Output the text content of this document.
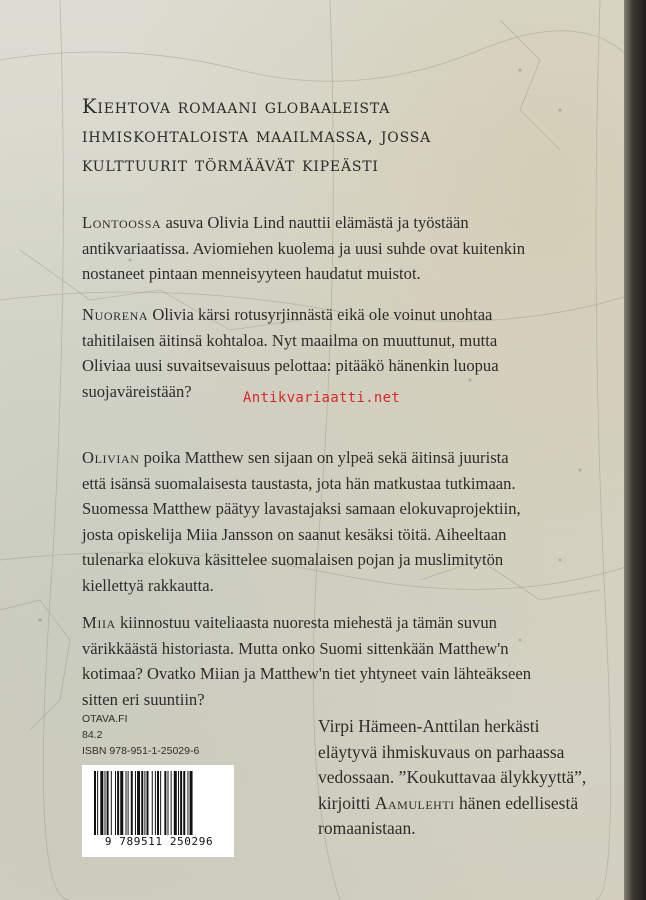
Kiehtova romaani globaaleista
ihmiskohtaloista maailmassa, jossa
kulttuurit törmäävät kipeästi

Lontoossa asuva Olivia Lind nauttii elämästä ja työstään
antikvariaatissa. Aviomiehen kuolema ja uusi suhde ovat kuitenkin
nostaneet pintaan menneisyyteen haudatut muistot.

Nuorena Olivia kärsi rotusyrjinnästä eikä ole voinut unohtaa
tahitilaisen äitinsä kohtaloa. Nyt maailma on muuttunut, mutta
Oliviaa uusi suvaitsevaisuus pelottaa: pitääkö hänenkin luopua
suojaväreistään?	Antikvariaatti.net

Olivian poika Matthew sen sijaan on ylpeä sekä äitinsä juurista
että isänsä suomalaisesta taustasta, jota hän matkustaa tutkimaan.
Suomessa Matthew päätyy lavastajaksi samaan elokuvaprojektiin,
josta opiskelija Miia Jansson on saanut kesäksi töitä. Aiheeltaan
tulenarka elokuva käsittelee suomalaisen pojan ja muslimitytön
kiellettyä rakkautta.

Miia kiinnostuu vaiteliaasta nuoresta miehestä ja tämän suvun
värikkäästä historiasta. Mutta onko Suomi sittenkään Matthew'n
kotimaa? Ovatko Miian ja Matthew'n tiet yhtyneet vain lähteäkseen
sitten eri suuntiin?

OTAVA.FI
84.2
ISBN 978-951-1-25029-6

9 789511 250296

Virpi Hämeen-Anttilan herkästi
eläytyvä ihmiskuvaus on parhaassa
vedossaan. ”Koukuttavaa älykkyyttä”,
kirjoitti Aamulehti hänen edellisestä
romaanistaan.
